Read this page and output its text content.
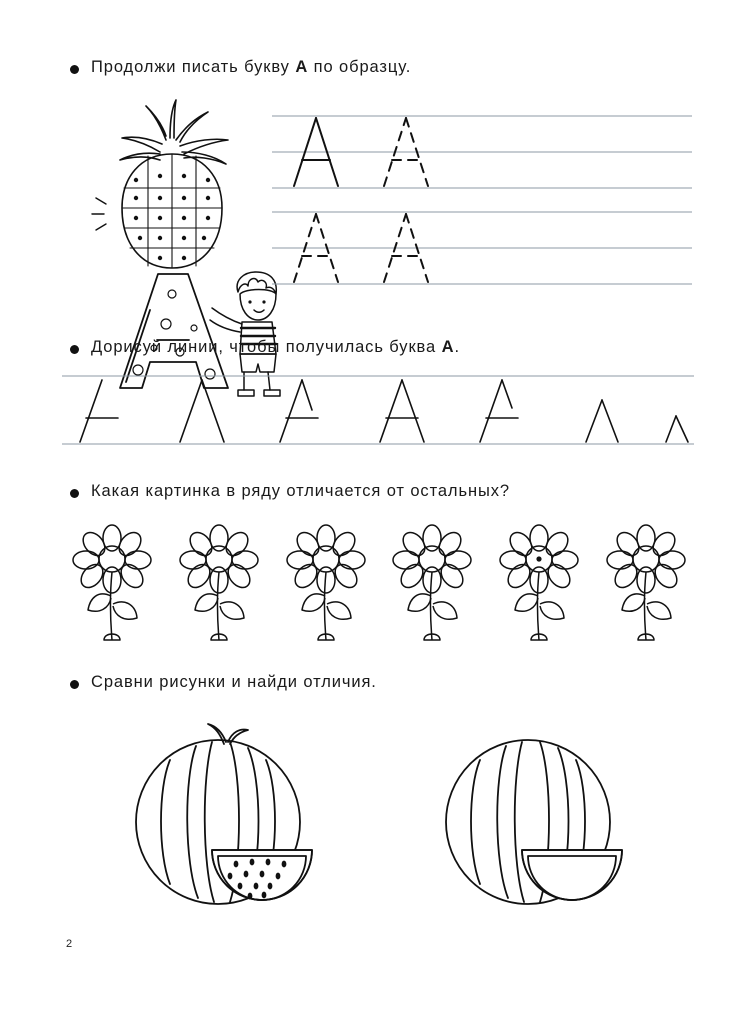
Продолжи писать букву А по образцу.
Дорисуй линии, чтобы получилась буква А.
Какая картинка в ряду отличается от остальных?
Сравни рисунки и найди отличия.
2
